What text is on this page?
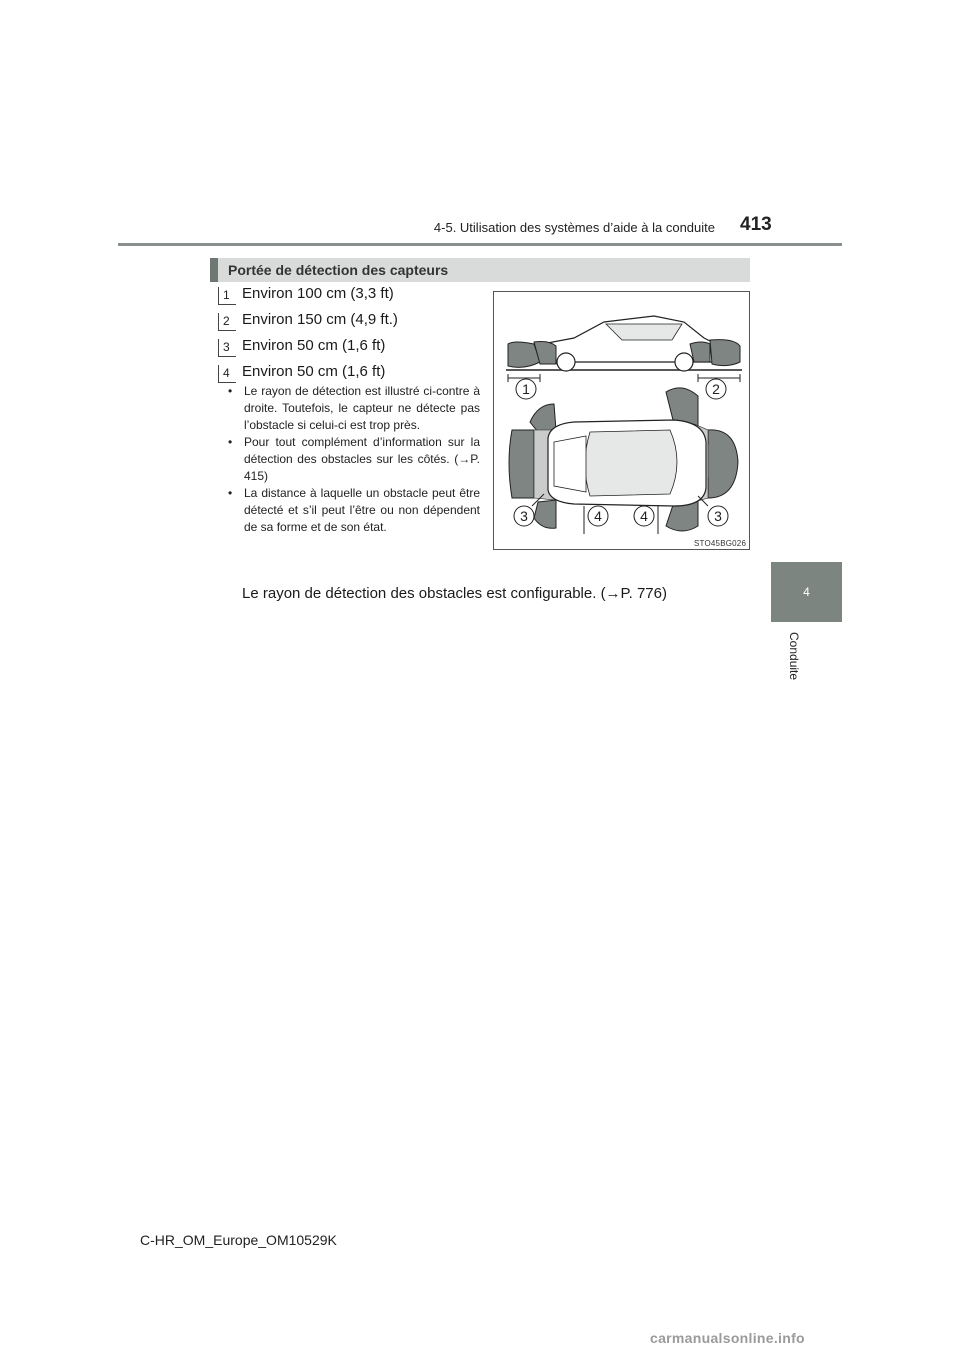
4-5. Utilisation des systèmes d’aide à la conduite 413
4
Conduite
Portée de détection des capteurs
1 Environ 100 cm (3,3 ft)
2 Environ 150 cm (4,9 ft.)
3 Environ 50 cm (1,6 ft)
4 Environ 50 cm (1,6 ft)
• Le rayon de détection est illustré ci-contre à droite. Toutefois, le capteur ne détecte pas l’obstacle si celui-ci est trop près.
• Pour tout complément d’information sur la détection des obstacles sur les côtés. (→P. 415)
• La distance à laquelle un obstacle peut être détecté et s’il peut l’être ou non dépendent de sa forme et de son état.
1	2
3	4	4	3
STO45BG026
Le rayon de détection des obstacles est configurable. (→P. 776)
C-HR_OM_Europe_OM10529K
carmanualsonline.info
